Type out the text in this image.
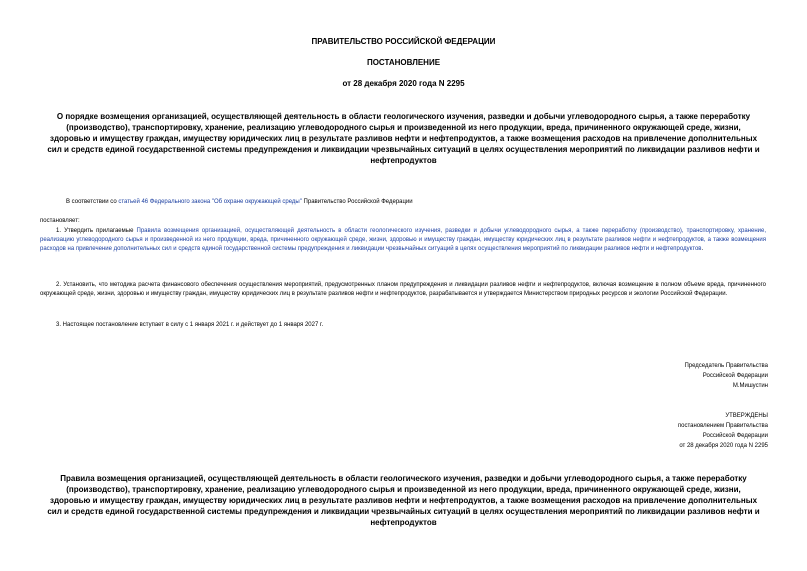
ПРАВИТЕЛЬСТВО РОССИЙСКОЙ ФЕДЕРАЦИИ
ПОСТАНОВЛЕНИЕ
от 28 декабря 2020 года N 2295
О порядке возмещения организацией, осуществляющей деятельность в области геологического изучения, разведки и добычи углеводородного сырья, а также переработку (производство), транспортировку, хранение, реализацию углеводородного сырья и произведенной из него продукции, вреда, причиненного окружающей среде, жизни, здоровью и имуществу граждан, имуществу юридических лиц в результате разливов нефти и нефтепродуктов, а также возмещения расходов на привлечение дополнительных сил и средств единой государственной системы предупреждения и ликвидации чрезвычайных ситуаций в целях осуществления мероприятий по ликвидации разливов нефти и нефтепродуктов
В соответствии со статьей 46 Федерального закона "Об охране окружающей среды" Правительство Российской Федерации
постановляет:
1. Утвердить прилагаемые Правила возмещения организацией, осуществляющей деятельность в области геологического изучения, разведки и добычи углеводородного сырья, а также переработку (производство), транспортировку, хранение, реализацию углеводородного сырья и произведенной из него продукции, вреда, причиненного окружающей среде, жизни, здоровью и имуществу граждан, имуществу юридических лиц в результате разливов нефти и нефтепродуктов, а также возмещения расходов на привлечение дополнительных сил и средств единой государственной системы предупреждения и ликвидации чрезвычайных ситуаций в целях осуществления мероприятий по ликвидации разливов нефти и нефтепродуктов.
2. Установить, что методика расчета финансового обеспечения осуществления мероприятий, предусмотренных планом предупреждения и ликвидации разливов нефти и нефтепродуктов, включая возмещение в полном объеме вреда, причиненного окружающей среде, жизни, здоровью и имуществу граждан, имуществу юридических лиц в результате разливов нефти и нефтепродуктов, разрабатывается и утверждается Министерством природных ресурсов и экологии Российской Федерации.
3. Настоящее постановление вступает в силу с 1 января 2021 г. и действует до 1 января 2027 г.
Председатель Правительства
Российской Федерации
М.Мишустин
УТВЕРЖДЕНЫ
постановлением Правительства
Российской Федерации
от 28 декабря 2020 года N 2295
Правила возмещения организацией, осуществляющей деятельность в области геологического изучения, разведки и добычи углеводородного сырья, а также переработку (производство), транспортировку, хранение, реализацию углеводородного сырья и произведенной из него продукции, вреда, причиненного окружающей среде, жизни, здоровью и имуществу граждан, имуществу юридических лиц в результате разливов нефти и нефтепродуктов, а также возмещения расходов на привлечение дополнительных сил и средств единой государственной системы предупреждения и ликвидации чрезвычайных ситуаций в целях осуществления мероприятий по ликвидации разливов нефти и нефтепродуктов
